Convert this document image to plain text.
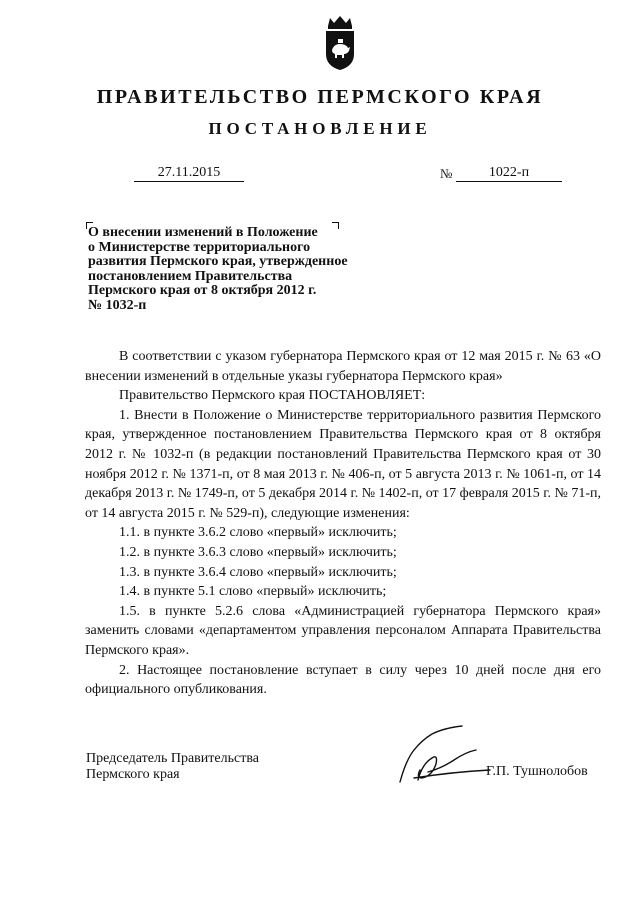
ПРАВИТЕЛЬСТВО ПЕРМСКОГО КРАЯ
ПОСТАНОВЛЕНИЕ
27.11.2015	№	1022-п
О внесении изменений в Положение
о Министерстве территориального
развития Пермского края, утвержденное
постановлением Правительства
Пермского края от 8 октября 2012 г.
№ 1032-п

В соответствии с указом губернатора Пермского края от 12 мая 2015 г. № 63 «О внесении изменений в отдельные указы губернатора Пермского края»

Правительство Пермского края ПОСТАНОВЛЯЕТ:

1. Внести в Положение о Министерстве территориального развития Пермского края, утвержденное постановлением Правительства Пермского края от 8 октября 2012 г. № 1032-п (в редакции постановлений Правительства Пермского края от 30 ноября 2012 г. № 1371-п, от 8 мая 2013 г. № 406-п, от 5 августа 2013 г. № 1061-п, от 14 декабря 2013 г. № 1749-п, от 5 декабря 2014 г. № 1402-п, от 17 февраля 2015 г. № 71-п, от 14 августа 2015 г. № 529-п), следующие изменения:

1.1. в пункте 3.6.2 слово «первый» исключить;

1.2. в пункте 3.6.3 слово «первый» исключить;

1.3. в пункте 3.6.4 слово «первый» исключить;

1.4. в пункте 5.1 слово «первый» исключить;

1.5. в пункте 5.2.6 слова «Администрацией губернатора Пермского края» заменить словами «департаментом управления персоналом Аппарата Правительства Пермского края».

2. Настоящее постановление вступает в силу через 10 дней после дня его официального опубликования.

Председатель Правительства
Пермского края	Г.П. Тушнолобов
